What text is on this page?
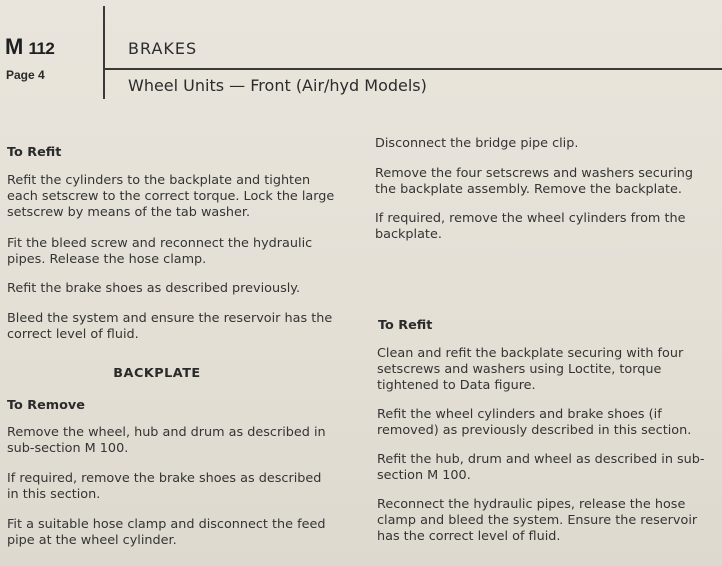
M 112
Page 4
BRAKES
Wheel Units — Front (Air/hyd Models)

To Refit

Refit the cylinders to the backplate and tighten each setscrew to the correct torque. Lock the large setscrew by means of the tab washer.

Fit the bleed screw and reconnect the hydraulic pipes. Release the hose clamp.

Refit the brake shoes as described previously.

Bleed the system and ensure the reservoir has the correct level of fluid.

BACKPLATE

To Remove

Remove the wheel, hub and drum as described in sub-section M 100.

If required, remove the brake shoes as described in this section.

Fit a suitable hose clamp and disconnect the feed pipe at the wheel cylinder.

Disconnect the bridge pipe clip.

Remove the four setscrews and washers securing the backplate assembly. Remove the backplate.

If required, remove the wheel cylinders from the backplate.

To Refit

Clean and refit the backplate securing with four setscrews and washers using Loctite, torque tightened to Data figure.

Refit the wheel cylinders and brake shoes (if removed) as previously described in this section.

Refit the hub, drum and wheel as described in sub-section M 100.

Reconnect the hydraulic pipes, release the hose clamp and bleed the system. Ensure the reservoir has the correct level of fluid.
